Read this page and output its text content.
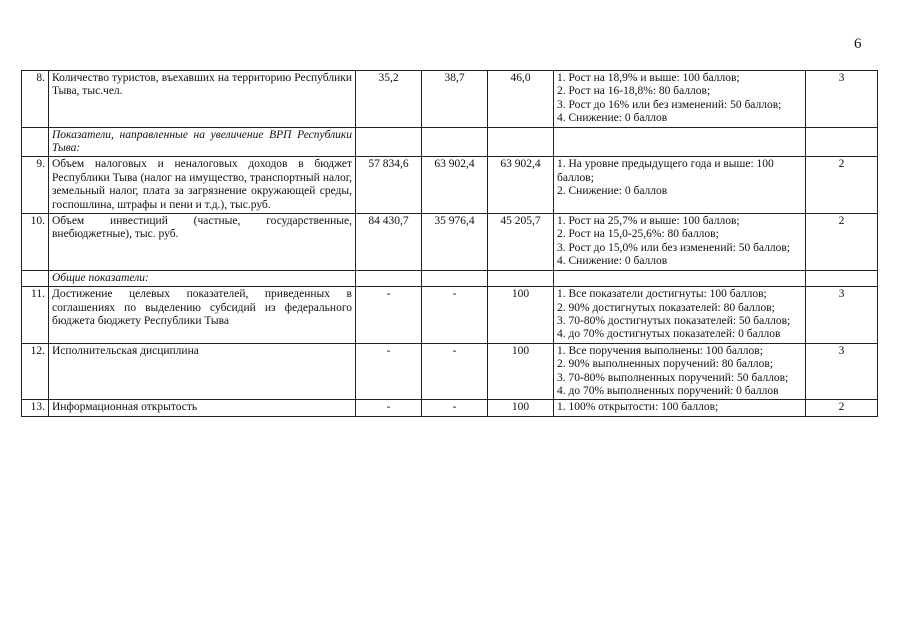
6
8.	Количество туристов, въехавших на территорию Республики Тыва, тыс.чел.	35,2	38,7	46,0	1. Рост на 18,9% и выше: 100 баллов;
2. Рост на 16-18,8%: 80 баллов;
3. Рост до 16% или без изменений: 50 баллов;
4. Снижение: 0 баллов	3
	Показатели, направленные на увеличение ВРП Республики Тыва:					
9.	Объем налоговых и неналоговых доходов в бюджет Республики Тыва (налог на имущество, транспортный налог, земельный налог, плата за загрязнение окружающей среды, госпошлина, штрафы и пени и т.д.), тыс.руб.	57 834,6	63 902,4	63 902,4	1. На уровне предыдущего года и выше: 100 баллов;
2. Снижение: 0 баллов	2
10.	Объем инвестиций (частные, государственные, внебюджетные), тыс. руб.	84 430,7	35 976,4	45 205,7	1. Рост на 25,7% и выше: 100 баллов;
2. Рост на 15,0-25,6%: 80 баллов;
3. Рост до 15,0% или без изменений: 50 баллов;
4. Снижение: 0 баллов	2
	Общие показатели:					
11.	Достижение целевых показателей, приведенных в соглашениях по выделению субсидий из федерального бюджета бюджету Республики Тыва	-	-	100	1. Все показатели достигнуты: 100 баллов;
2. 90% достигнутых показателей: 80 баллов;
3. 70-80% достигнутых показателей: 50 баллов;
4. до 70% достигнутых показателей: 0 баллов	3
12.	Исполнительская дисциплина	-	-	100	1. Все поручения выполнены: 100 баллов;
2. 90% выполненных поручений: 80 баллов;
3. 70-80% выполненных поручений: 50 баллов;
4. до 70% выполненных поручений: 0 баллов	3
13.	Информационная открытость	-	-	100	1. 100% открытости: 100 баллов;	2
